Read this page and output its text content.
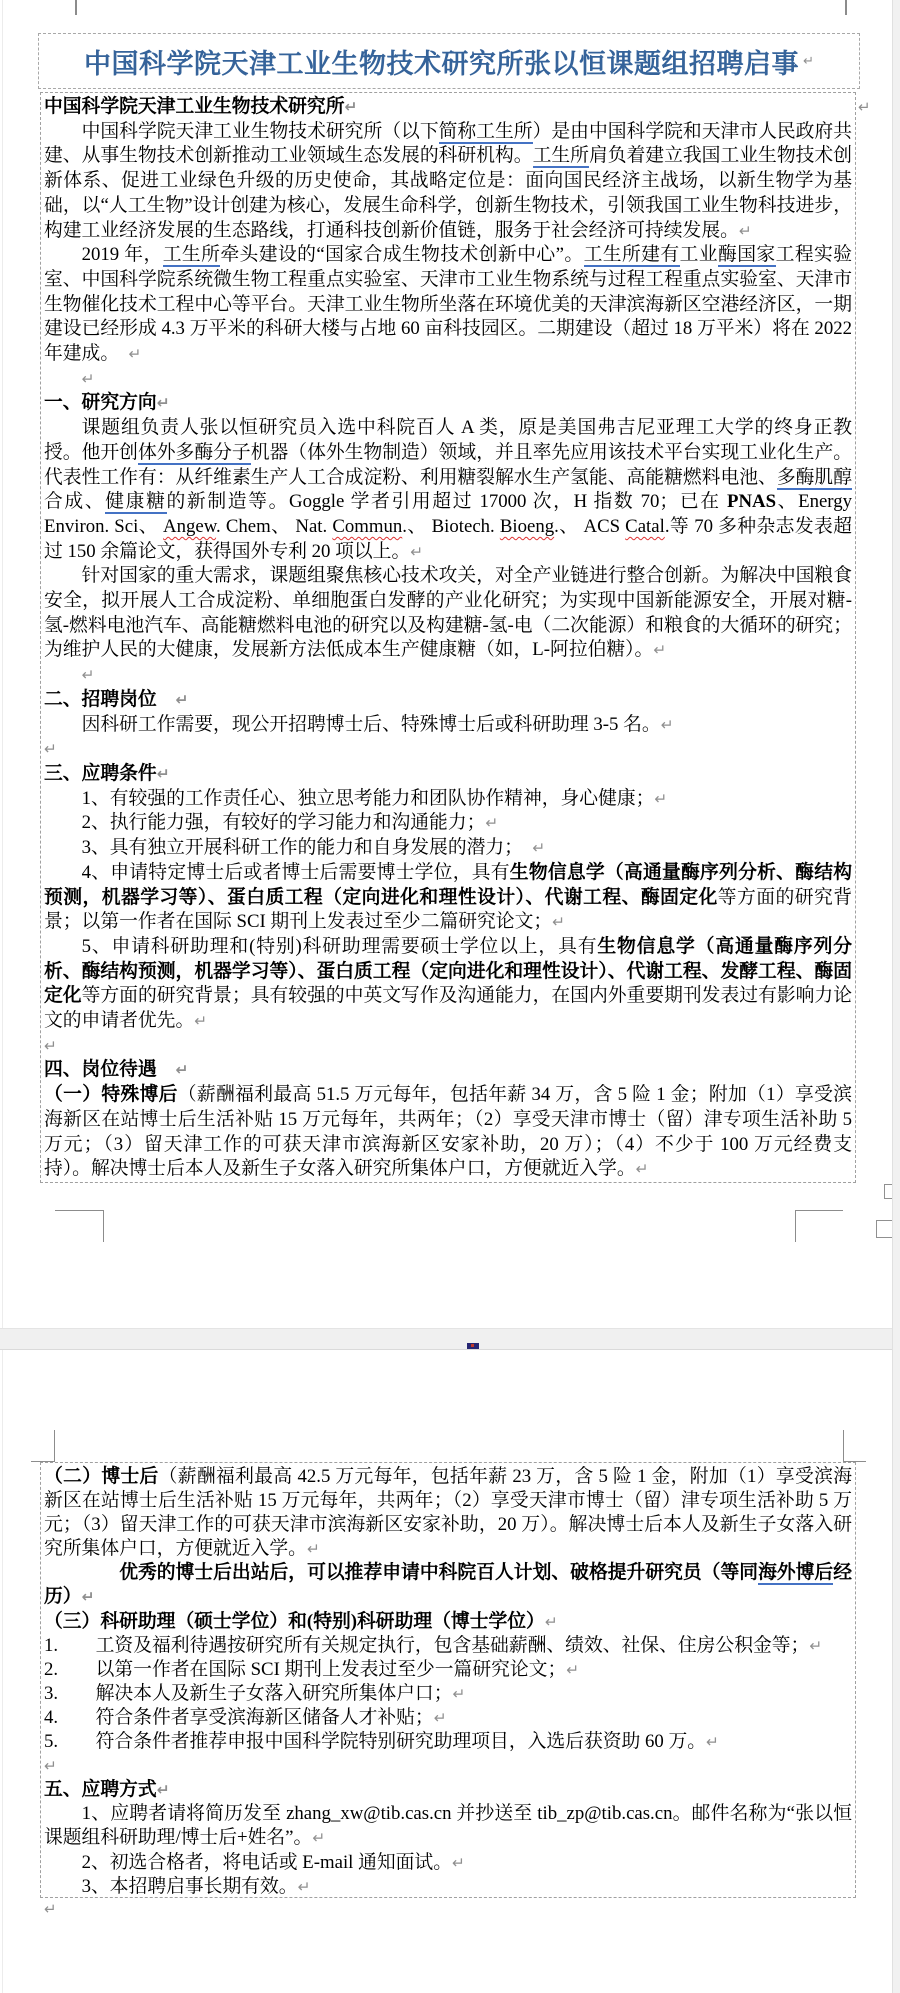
中国科学院天津工业生物技术研究所张以恒课题组招聘启事 ↵
↵

中国科学院天津工业生物技术研究所↵

中国科学院天津工业生物技术研究所（以下简称工生所）是由中国科学院和天津市人民政府共建、从事生物技术创新推动工业领域生态发展的科研机构。工生所肩负着建立我国工业生物技术创新体系、促进工业绿色升级的历史使命，其战略定位是：面向国民经济主战场，以新生物学为基础，以“人工生物”设计创建为核心，发展生命科学，创新生物技术，引领我国工业生物科技进步，构建工业经济发展的生态路线，打通科技创新价值链，服务于社会经济可持续发展。↵

2019 年，工生所牵头建设的“国家合成生物技术创新中心”。工生所建有工业酶国家工程实验室、中国科学院系统微生物工程重点实验室、天津市工业生物系统与过程工程重点实验室、天津市生物催化技术工程中心等平台。天津工业生物所坐落在环境优美的天津滨海新区空港经济区，一期建设已经形成 4.3 万平米的科研大楼与占地 60 亩科技园区。二期建设（超过 18 万平米）将在 2022 年建成。　 ↵

↵

一、研究方向↵

课题组负责人张以恒研究员入选中科院百人 A 类，原是美国弗吉尼亚理工大学的终身正教授。他开创体外多酶分子机器（体外生物制造）领域，并且率先应用该技术平台实现工业化生产。代表性工作有：从纤维素生产人工合成淀粉、利用糖裂解水生产氢能、高能糖燃料电池、多酶肌醇合成、健康糖的新制造等。Goggle 学者引用超过 17000 次，H 指数 70；已在 PNAS、Energy Environ. Sci、 Angew. Chem、 Nat. Commun.、 Biotech. Bioeng.、 ACS Catal.等 70 多种杂志发表超过 150 余篇论文，获得国外专利 20 项以上。↵

针对国家的重大需求，课题组聚焦核心技术攻关，对全产业链进行整合创新。为解决中国粮食安全，拟开展人工合成淀粉、单细胞蛋白发酵的产业化研究；为实现中国新能源安全，开展对糖-氢-燃料电池汽车、高能糖燃料电池的研究以及构建糖-氢-电（二次能源）和粮食的大循环的研究；为维护人民的大健康，发展新方法低成本生产健康糖（如，L-阿拉伯糖）。↵

↵

二、招聘岗位　 ↵

因科研工作需要，现公开招聘博士后、特殊博士后或科研助理 3-5 名。↵

↵

三、应聘条件↵

1、有较强的工作责任心、独立思考能力和团队协作精神，身心健康；↵

2、执行能力强，有较好的学习能力和沟通能力；↵

3、具有独立开展科研工作的能力和自身发展的潜力；　 ↵

4、申请特定博士后或者博士后需要博士学位，具有生物信息学（高通量酶序列分析、酶结构预测，机器学习等）、蛋白质工程（定向进化和理性设计）、代谢工程、酶固定化等方面的研究背景；以第一作者在国际 SCI 期刊上发表过至少二篇研究论文；↵

5、申请科研助理和(特别)科研助理需要硕士学位以上，具有生物信息学（高通量酶序列分析、酶结构预测，机器学习等）、蛋白质工程（定向进化和理性设计）、代谢工程、发酵工程、酶固定化等方面的研究背景；具有较强的中英文写作及沟通能力，在国内外重要期刊发表过有影响力论文的申请者优先。↵

↵

四、岗位待遇　 ↵

（一）特殊博后（薪酬福利最高 51.5 万元每年，包括年薪 34 万，含 5 险 1 金；附加（1）享受滨海新区在站博士后生活补贴 15 万元每年，共两年；（2）享受天津市博士（留）津专项生活补助 5 万元；（3）留天津工作的可获天津市滨海新区安家补助，20 万）；（4）不少于 100 万元经费支持）。解决博士后本人及新生子女落入研究所集体户口，方便就近入学。↵

（二）博士后（薪酬福利最高 42.5 万元每年，包括年薪 23 万，含 5 险 1 金，附加（1）享受滨海新区在站博士后生活补贴 15 万元每年，共两年；（2）享受天津市博士（留）津专项生活补助 5 万元；（3）留天津工作的可获天津市滨海新区安家补助，20 万）。解决博士后本人及新生子女落入研究所集体户口，方便就近入学。↵

优秀的博士后出站后，可以推荐申请中科院百人计划、破格提升研究员（等同海外博后经历）↵

（三）科研助理（硕士学位）和(特别)科研助理（博士学位）↵

1.　　工资及福利待遇按研究所有关规定执行，包含基础薪酬、绩效、社保、住房公积金等；↵

2.　　以第一作者在国际 SCI 期刊上发表过至少一篇研究论文；↵

3.　　解决本人及新生子女落入研究所集体户口；↵

4.　　符合条件者享受滨海新区储备人才补贴；↵

5.　　符合条件者推荐申报中国科学院特别研究助理项目，入选后获资助 60 万。↵

↵

五、应聘方式↵

1、应聘者请将简历发至 zhang_xw@tib.cas.cn 并抄送至 tib_zp@tib.cas.cn。邮件名称为“张以恒课题组科研助理/博士后+姓名”。↵

2、初选合格者，将电话或 E-mail 通知面试。↵

3、本招聘启事长期有效。↵

↵
